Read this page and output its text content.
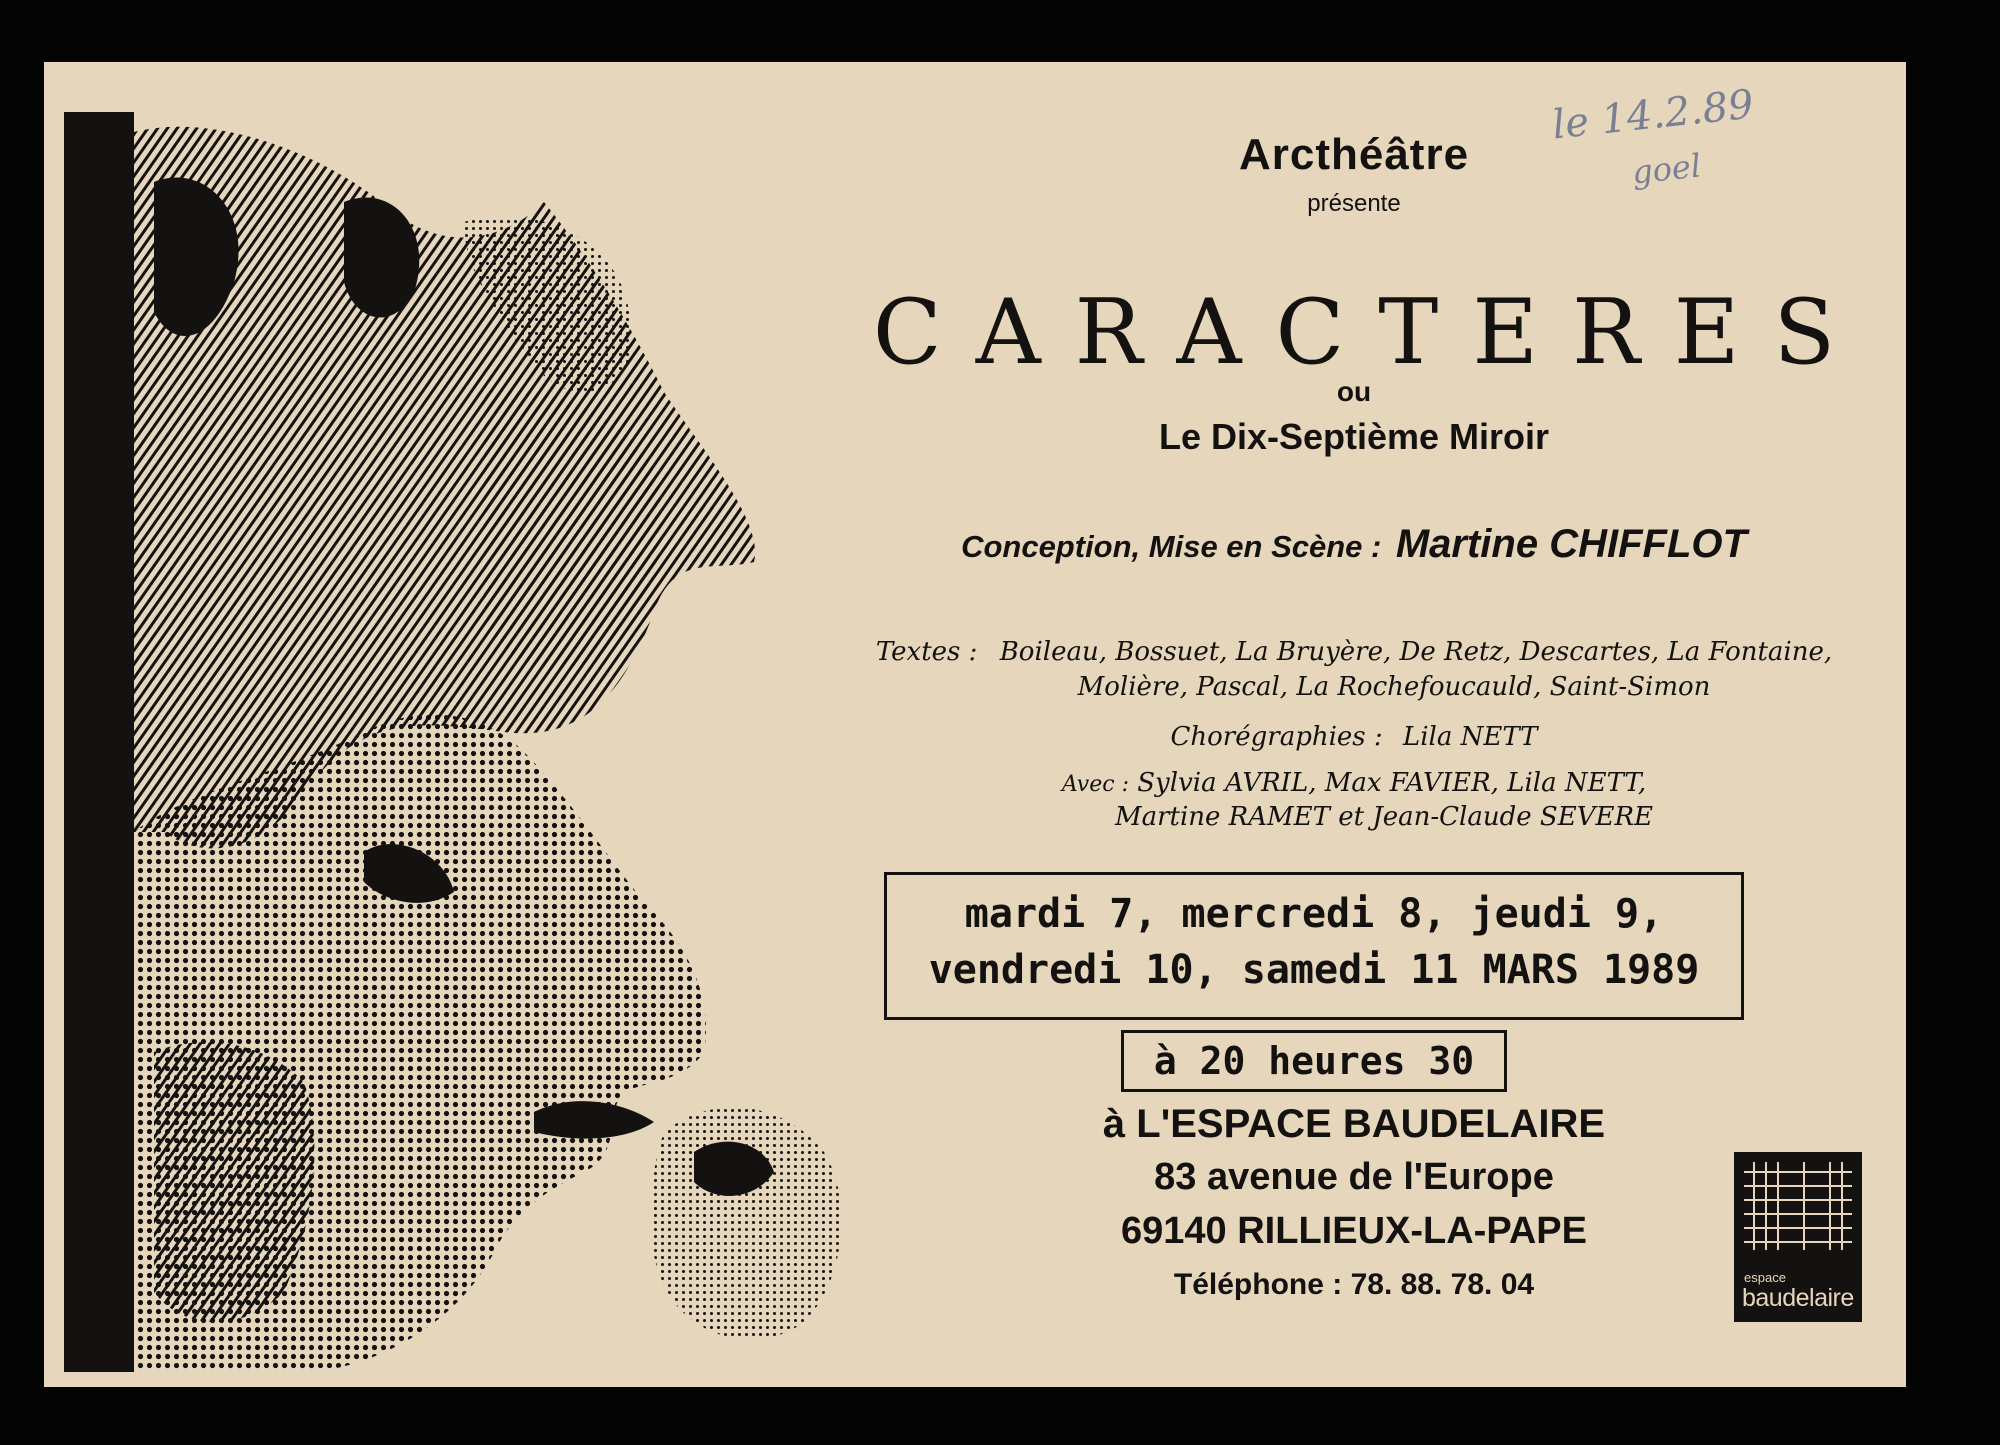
le 14.2.89
goel
Arcthéâtre
présente
CARACTERES
ou
Le Dix-Septième Miroir
Conception, Mise en Scène : Martine CHIFFLOT
Textes : Boileau, Bossuet, La Bruyère, De Retz, Descartes, La Fontaine,
Molière, Pascal, La Rochefoucauld, Saint-Simon
Chorégraphies : Lila NETT
Avec : Sylvia AVRIL, Max FAVIER, Lila NETT,
Martine RAMET et Jean-Claude SEVERE
mardi 7, mercredi 8, jeudi 9,
vendredi 10, samedi 11 MARS 1989
à 20 heures 30
à L'ESPACE BAUDELAIRE
83 avenue de l'Europe
69140 RILLIEUX-LA-PAPE
Téléphone : 78. 88. 78. 04	espace
baudelaire
